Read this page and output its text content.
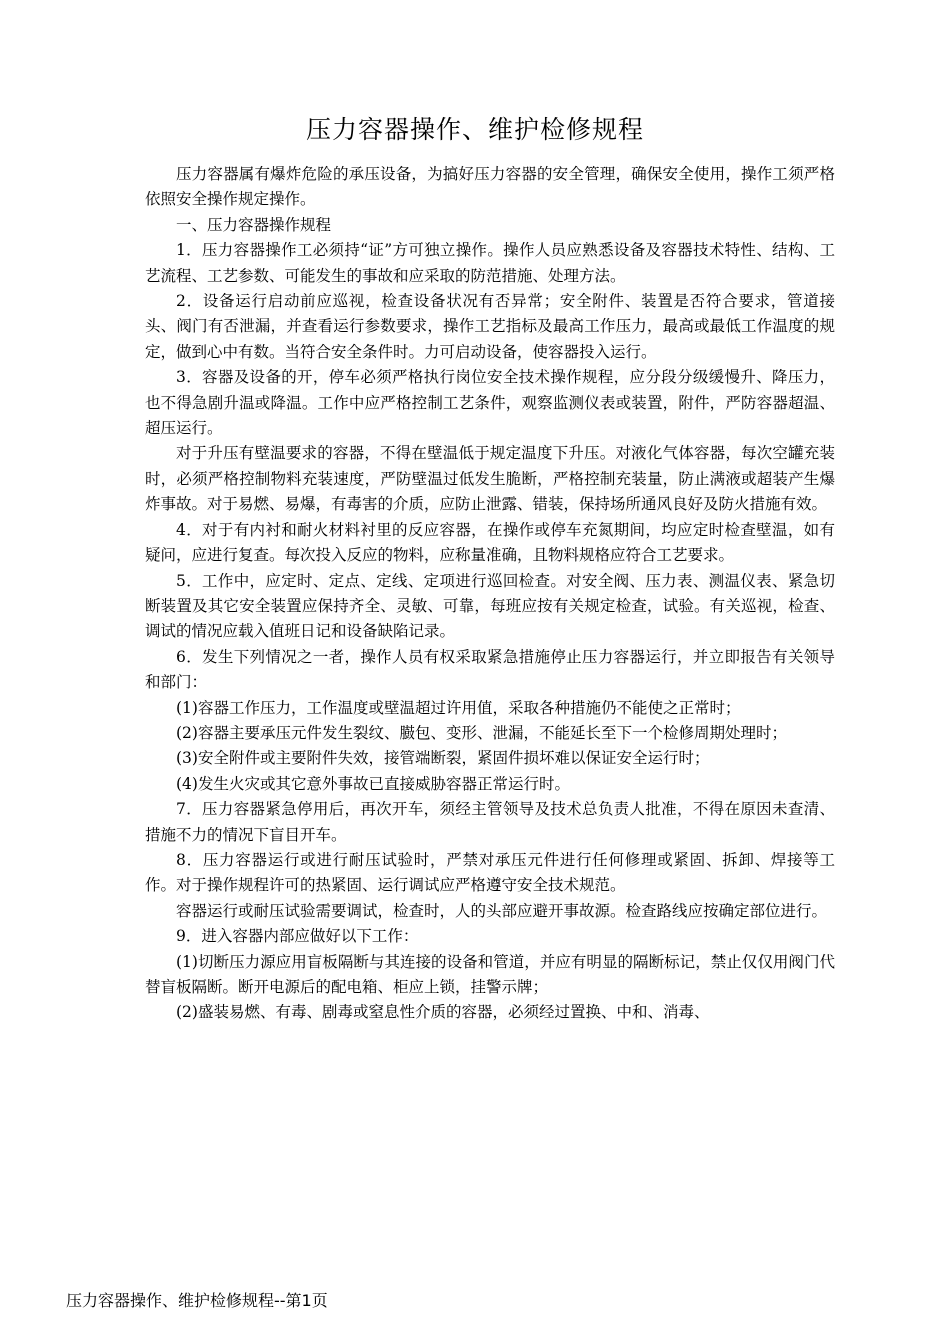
压力容器操作、维护检修规程

压力容器属有爆炸危险的承压设备，为搞好压力容器的安全管理，确保安全使用，操作工须严格依照安全操作规定操作。

一、压力容器操作规程

1．压力容器操作工必须持“证”方可独立操作。操作人员应熟悉设备及容器技术特性、结构、工艺流程、工艺参数、可能发生的事故和应采取的防范措施、处理方法。

2．设备运行启动前应巡视，检查设备状况有否异常；安全附件、装置是否符合要求，管道接头、阀门有否泄漏，并查看运行参数要求，操作工艺指标及最高工作压力，最高或最低工作温度的规定，做到心中有数。当符合安全条件时。力可启动设备，使容器投入运行。

3．容器及设备的开，停车必须严格执行岗位安全技术操作规程，应分段分级缓慢升、降压力，也不得急剧升温或降温。工作中应严格控制工艺条件，观察监测仪表或装置，附件，严防容器超温、超压运行。

对于升压有壁温要求的容器，不得在壁温低于规定温度下升压。对液化气体容器，每次空罐充装时，必须严格控制物料充装速度，严防壁温过低发生脆断，严格控制充装量，防止满液或超装产生爆炸事故。对于易燃、易爆，有毒害的介质，应防止泄露、错装，保持场所通风良好及防火措施有效。

4．对于有内衬和耐火材料衬里的反应容器，在操作或停车充氮期间，均应定时检查壁温，如有疑问，应进行复查。每次投入反应的物料，应称量准确，且物料规格应符合工艺要求。

5．工作中，应定时、定点、定线、定项进行巡回检查。对安全阀、压力表、测温仪表、紧急切断装置及其它安全装置应保持齐全、灵敏、可靠，每班应按有关规定检查，试验。有关巡视，检查、调试的情况应载入值班日记和设备缺陷记录。

6．发生下列情况之一者，操作人员有权采取紧急措施停止压力容器运行，并立即报告有关领导和部门：

(1)容器工作压力，工作温度或壁温超过许用值，采取各种措施仍不能使之正常时；

(2)容器主要承压元件发生裂纹、臌包、变形、泄漏，不能延长至下一个检修周期处理时；

(3)安全附件或主要附件失效，接管端断裂，紧固件损坏难以保证安全运行时；

(4)发生火灾或其它意外事故已直接威胁容器正常运行时。

7．压力容器紧急停用后，再次开车，须经主管领导及技术总负责人批准，不得在原因未查清、措施不力的情况下盲目开车。

8．压力容器运行或进行耐压试验时，严禁对承压元件进行任何修理或紧固、拆卸、焊接等工作。对于操作规程许可的热紧固、运行调试应严格遵守安全技术规范。

容器运行或耐压试验需要调试，检查时，人的头部应避开事故源。检查路线应按确定部位进行。

9．进入容器内部应做好以下工作：

(1)切断压力源应用盲板隔断与其连接的设备和管道，并应有明显的隔断标记，禁止仅仅用阀门代替盲板隔断。断开电源后的配电箱、柜应上锁，挂警示牌；

(2)盛装易燃、有毒、剧毒或窒息性介质的容器，必须经过置换、中和、消毒、

压力容器操作、维护检修规程--第1页
